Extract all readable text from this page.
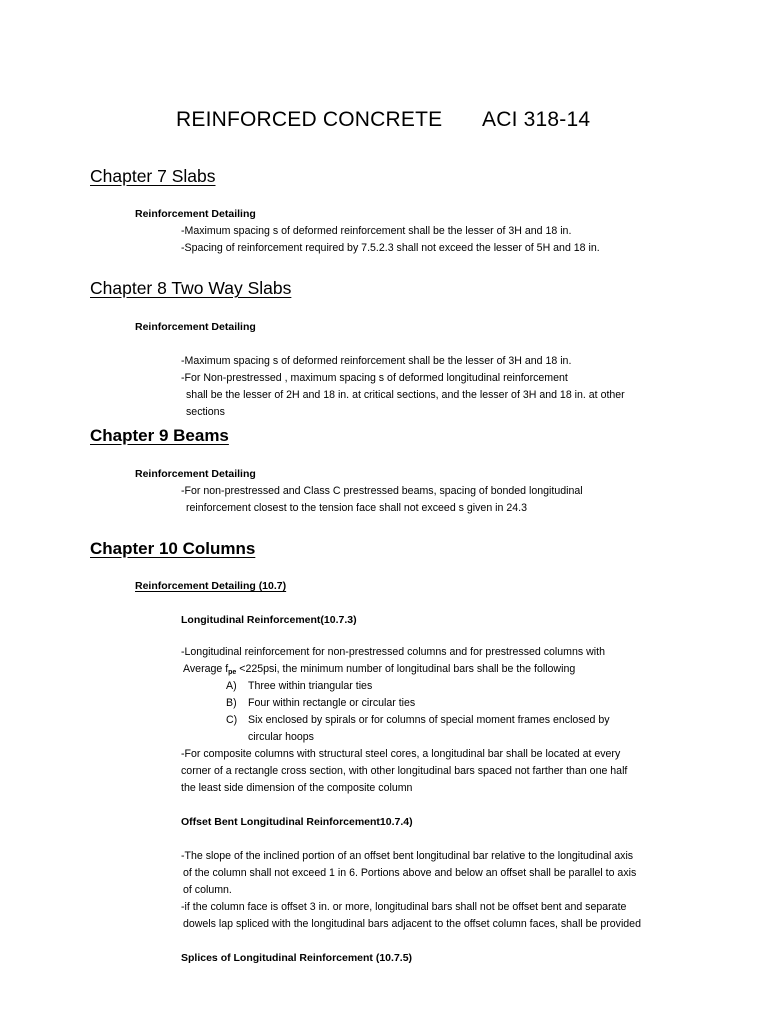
REINFORCED CONCRETE ACI 318-14
Chapter 7 Slabs
Reinforcement Detailing
-Maximum spacing s of deformed reinforcement shall be the lesser of 3H and 18 in.
-Spacing of reinforcement required by 7.5.2.3 shall not exceed the lesser of 5H and 18 in.
Chapter 8 Two Way Slabs
Reinforcement Detailing
-Maximum spacing s of deformed reinforcement shall be the lesser of 3H and 18 in.
-For Non-prestressed , maximum spacing s of deformed longitudinal reinforcement
shall be the lesser of 2H and 18 in. at critical sections, and the lesser of 3H and 18 in. at other
sections
Chapter 9 Beams
Reinforcement Detailing
-For non-prestressed and Class C prestressed beams, spacing of bonded longitudinal
reinforcement closest to the tension face shall not exceed s given in 24.3
Chapter 10 Columns
Reinforcement Detailing (10.7)
Longitudinal Reinforcement(10.7.3)
-Longitudinal reinforcement for non-prestressed columns and for prestressed columns with
Average $f_{pe} <225psi$, the minimum number of longitudinal bars shall be the following
A) Three within triangular ties
B) Four within rectangle or circular ties
C) Six enclosed by spirals or for columns of special moment frames enclosed by
circular hoops
-For composite columns with structural steel cores, a longitudinal bar shall be located at every
corner of a rectangle cross section, with other longitudinal bars spaced not farther than one half
the least side dimension of the composite column
Offset Bent Longitudinal Reinforcement10.7.4)
-The slope of the inclined portion of an offset bent longitudinal bar relative to the longitudinal axis
of the column shall not exceed 1 in 6. Portions above and below an offset shall be parallel to axis
of column.
-if the column face is offset 3 in. or more, longitudinal bars shall not be offset bent and separate
dowels lap spliced with the longitudinal bars adjacent to the offset column faces, shall be provided
Splices of Longitudinal Reinforcement (10.7.5)
